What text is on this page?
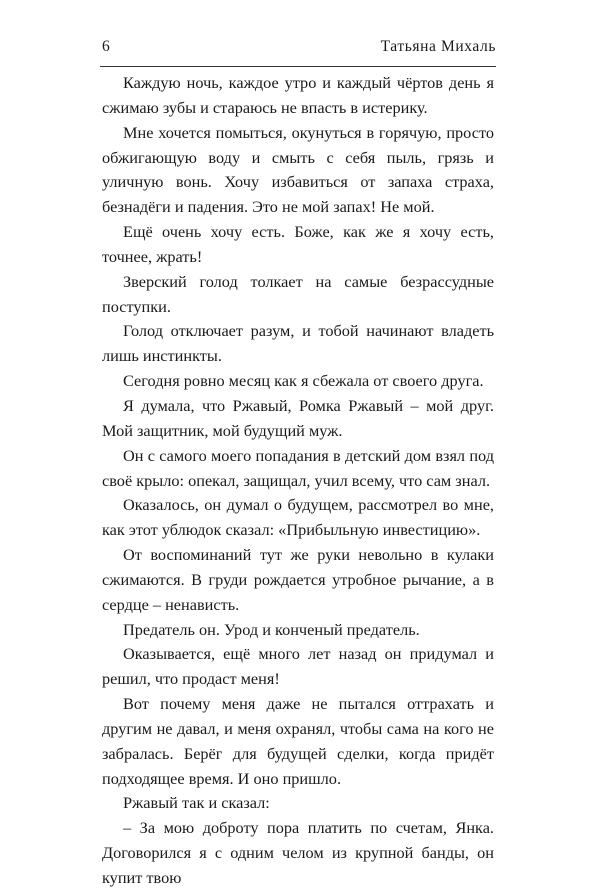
6	Татьяна Михаль

Каждую ночь, каждое утро и каждый чёртов день я сжимаю зубы и стараюсь не впасть в истерику.

Мне хочется помыться, окунуться в горячую, просто обжигающую воду и смыть с себя пыль, грязь и уличную вонь. Хочу избавиться от запаха страха, безнадёги и падения. Это не мой запах! Не мой.

Ещё очень хочу есть. Боже, как же я хочу есть, точнее, жрать!

Зверский голод толкает на самые безрассудные поступки.

Голод отключает разум, и тобой начинают владеть лишь инстинкты.

Сегодня ровно месяц как я сбежала от своего друга.

Я думала, что Ржавый, Ромка Ржавый – мой друг. Мой защитник, мой будущий муж.

Он с самого моего попадания в детский дом взял под своё крыло: опекал, защищал, учил всему, что сам знал.

Оказалось, он думал о будущем, рассмотрел во мне, как этот ублюдок сказал: «Прибыльную инвестицию».

От воспоминаний тут же руки невольно в кулаки сжимаются. В груди рождается утробное рычание, а в сердце – ненависть.

Предатель он. Урод и конченый предатель.

Оказывается, ещё много лет назад он придумал и решил, что продаст меня!

Вот почему меня даже не пытался оттрахать и другим не давал, и меня охранял, чтобы сама на кого не забралась. Берёг для будущей сделки, когда придёт подходящее время. И оно пришло.

Ржавый так и сказал:

– За мою доброту пора платить по счетам, Янка. Договорился я с одним челом из крупной банды, он купит твою
